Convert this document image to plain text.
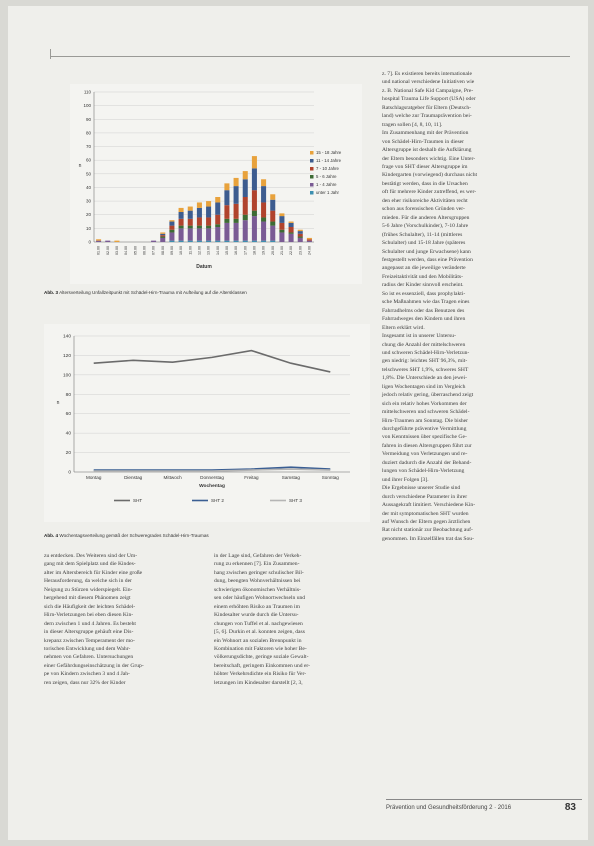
0
10
20
30
40
50
60
70
80
90
100
110
01.00 02.00 03.00 04.00 05.00 06.00 07.00 08.00 09.00 10.00 11.00 12.00 13.00 14.00 15.00 16.00 17.00 18.00 19.00 20.00 21.00 22.00 23.00 24.00
n
Datum
15 - 18 Jahre
11 - 14 Jahre
7 - 10 Jahre
5 - 6 Jahre
1 - 4 Jahre
unter 1 Jahr
Abb. 3 Altersverteilung Unfallzeitpunkt mit Schädel-Hirn-Trauma mit Aufteilung auf die Altersklassen
0
20
40
60
80
100
120
140
Montag	Dienstag	Mittwoch	Donnerstag	Freitag	Samstag	Sonntag
Wochentag
n
SHT	SHT 2	SHT 3
Abb. 4 Wochentagsverteilung gemäß der Schweregrades Schädel-Hirn-Traumas
z. 7]. Es existieren bereits internationale
und national verschiedene Initiativen wie
z. B. National Safe Kid Campaigne, Pre-
hospital Trauma Life Support (USA) oder
Ratschlagsratgeber für Eltern (Deutsch-
land) welche zur Traumaprävention bei-
tragen sollen [4, 8, 10, 11].
Im Zusammenhang mit der Prävention
von Schädel-Hirn-Traumen in dieser
Altersgruppe ist deshalb die Aufklärung
der Eltern besonders wichtig. Eine Unter-
frage von SHT dieser Altersgruppe im
Kindergarten (vorwiegend) durchaus nicht
bestätigt werden, dass in die Ursachen
oft für mehrere Kinder zutreffend, es wer-
den eher risikoreiche Aktivitäten recht
schon aus forensischen Gründen ver-
mieden. Für die anderen Altersgruppen
5-6 Jahre (Vorschulkinder), 7-10 Jahre
(frühes Schulalter), 11-14 (mittleres
Schulalter) und 15-18 Jahre (späteres
Schulalter und junge Erwachsene) kann
festgestellt werden, dass eine Prävention
angepasst an die jeweilige veränderte
Freizeitaktivität und den Mobilitäts-
radius der Kinder sinnvoll erscheint.
So ist es essenziell, dass prophylakti-
sche Maßnahmen wie das Tragen eines
Fahrradhelms oder das Benutzen des
Fahrradweges den Kindern und ihren
Eltern erklärt wird.
Insgesamt ist in unserer Untersu-
chung die Anzahl der mittelschweren
und schweren Schädel-Hirn-Verletzun-
gen niedrig: leichtes SHT 96,3%, mit-
telschweres SHT 1,9%, schweres SHT
1,8%. Die Unterschiede an den jewei-
ligen Wochentagen sind im Vergleich
jedoch relativ gering, überraschend zeigt
sich ein relativ hohes Vorkommen der
mittelschweren und schweren Schädel-
Hirn-Traumen am Sonntag. Die bisher
durchgeführte präventive Vermittlung
von Kenntnissen über spezifische Ge-
fahren in diesen Altersgruppen führt zur
Vermeidung von Verletzungen und re-
duziert dadurch die Anzahl der Behand-
lungen von Schädel-Hirn-Verletzung
und ihrer Folgen [3].
Die Ergebnisse unserer Studie sind
durch verschiedene Parameter in ihrer
Aussagekraft limitiert. Verschiedene Kin-
der mit symptomatischen SHT wurden
auf Wunsch der Eltern gegen ärztlichen
Rat nicht stationär zur Beobachtung auf-
genommen. Im Einzelfällen trat das Sou-
zu entdecken. Des Weiteren sind der Um-
gang mit dem Spielplatz und die Kindes-
alter im Altersbereich für Kinder eine große
Herausforderung, da welche sich in der
Neigung zu Stürzen widerspiegelt. Ein-
hergehend mit diesem Phänomen zeigt
sich die Häufigkeit der leichten Schädel-
Hirn-Verletzungen bei eben diesen Kin-
dern zwischen 1 und 4 Jahren. Es besteht
in dieser Altersgruppe gehäuft eine Dis-
krepanz zwischen Temperament der mo-
torischen Entwicklung und dem Wahr-
nehmen von Gefahren. Untersuchungen
einer Gefährdungseinschätzung in der Grup-
pe von Kindern zwischen 3 und 4 Jah-
ren zeigen, dass nur 32% der Kinder
in der Lage sind, Gefahren der Verkeh-
rung zu erkennen [7]. Ein Zusammen-
hang zwischen geringer schulischer Bil-
dung, beengten Wohnverhältnissen bei
schwierigen ökonomischen Verhältnis-
sen oder häufigen Wohnortwechseln und
einem erhöhten Risiko an Traumen im
Kindesalter wurde durch die Untersu-
chungen von Tuffel et al. nachgewiesen
[5, 6]. Durkin et al. konnten zeigen, dass
ein Wohnort an sozialen Brennpunkt in
Kombination mit Faktoren wie hoher Be-
völkerungsdichte, geringe soziale Gewalt-
bereitschaft, geringem Einkommen und er-
höhter Verkehrsdichte ein Risiko für Ver-
letzungen im Kindesalter darstellt [2, 3,
Prävention und Gesundheitsförderung 2 · 2016	83
